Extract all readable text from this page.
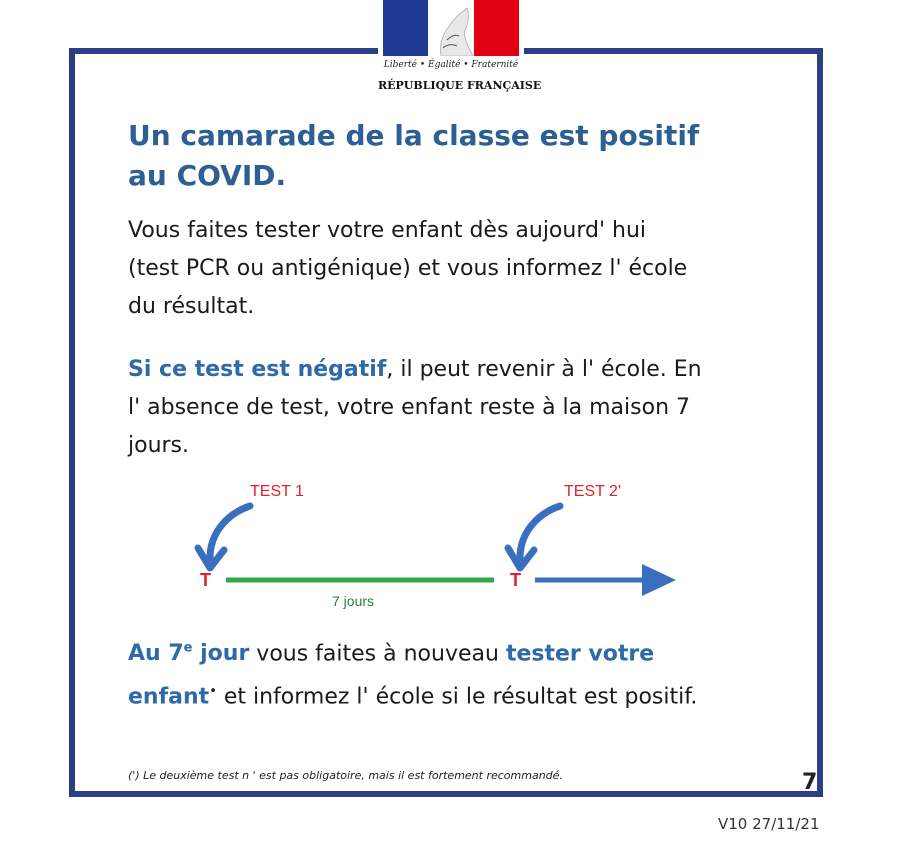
Liberté • Égalité • Fraternité
RÉPUBLIQUE FRANÇAISE
Un camarade de la classe est positif
au COVID.
Vous faites tester votre enfant dès aujourd' hui
(test PCR ou antigénique) et vous informez l' école
du résultat.
Si ce test est négatif, il peut revenir à l' école. En
l' absence de test, votre enfant reste à la maison 7
jours.
TEST 1
T
7 jours
TEST 2'
T
Au 7e jour vous faites à nouveau tester votre
enfant• et informez l' école si le résultat est positif.
(') Le deuxième test n ' est pas obligatoire, mais il est fortement recommandé.	7
V10 27/11/21
